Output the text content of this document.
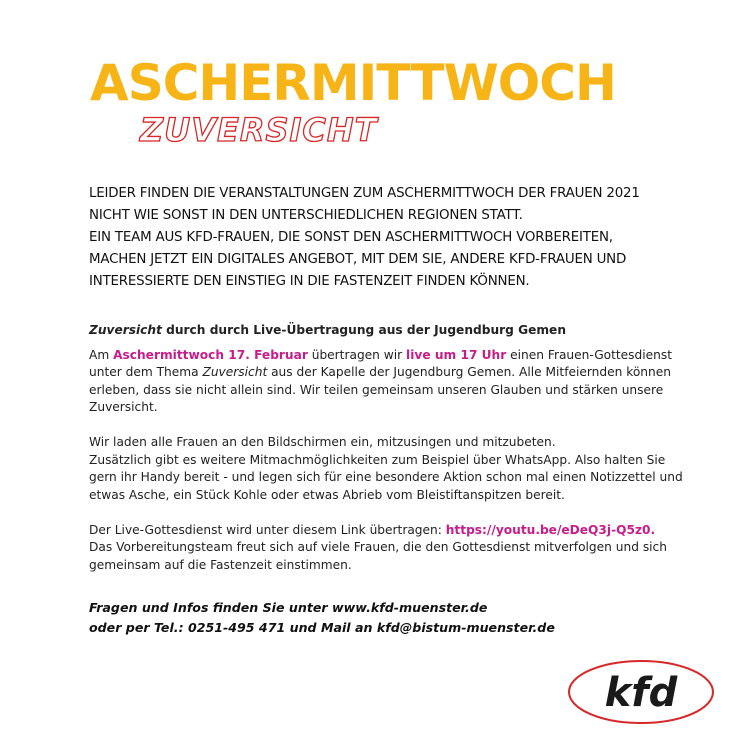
ASCHERMITTWOCH
ZUVERSICHT
LEIDER FINDEN DIE VERANSTALTUNGEN ZUM ASCHERMITTWOCH DER FRAUEN 2021
NICHT WIE SONST IN DEN UNTERSCHIEDLICHEN REGIONEN STATT.
EIN TEAM AUS KFD-FRAUEN, DIE SONST DEN ASCHERMITTWOCH VORBEREITEN,
MACHEN JETZT EIN DIGITALES ANGEBOT, MIT DEM SIE, ANDERE KFD-FRAUEN UND
INTERESSIERTE DEN EINSTIEG IN DIE FASTENZEIT FINDEN KÖNNEN.

Zuversicht durch durch Live-Übertragung aus der Jugendburg Gemen

Am Aschermittwoch 17. Februar übertragen wir live um 17 Uhr einen Frauen-Gottesdienst unter dem Thema Zuversicht aus der Kapelle der Jugendburg Gemen. Alle Mitfeiernden können erleben, dass sie nicht allein sind. Wir teilen gemeinsam unseren Glauben und stärken unsere Zuversicht.

Wir laden alle Frauen an den Bildschirmen ein, mitzusingen und mitzubeten.
Zusätzlich gibt es weitere Mitmachmöglichkeiten zum Beispiel über WhatsApp. Also halten Sie gern ihr Handy bereit - und legen sich für eine besondere Aktion schon mal einen Notizzettel und etwas Asche, ein Stück Kohle oder etwas Abrieb vom Bleistiftanspitzen bereit.

Der Live-Gottesdienst wird unter diesem Link übertragen: https://youtu.be/eDeQ3j-Q5z0.
Das Vorbereitungsteam freut sich auf viele Frauen, die den Gottesdienst mitverfolgen und sich gemeinsam auf die Fastenzeit einstimmen.

Fragen und Infos finden Sie unter www.kfd-muenster.de
oder per Tel.: 0251-495 471 und Mail an kfd@bistum-muenster.de
kfd
